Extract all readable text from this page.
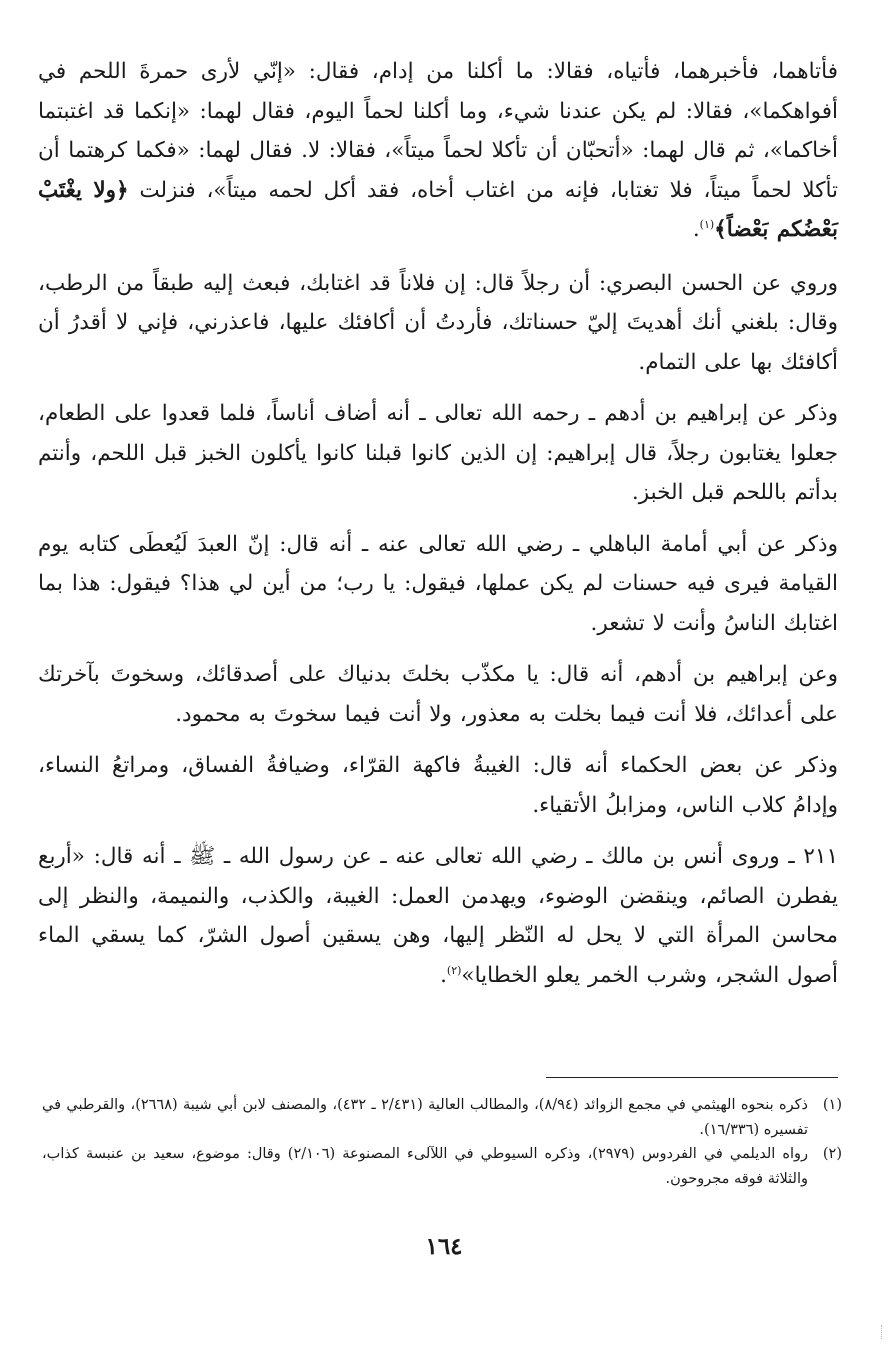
فأتاهما، فأخبرهما، فأتياه، فقالا: ما أكلنا من إدام، فقال: «إنّي لأرى حمرةَ اللحم في أفواهكما»، فقالا: لم يكن عندنا شيء، وما أكلنا لحماً اليوم، فقال لهما: «إنكما قد اغتبتما أخاكما»، ثم قال لهما: «أتحبّان أن تأكلا لحماً ميتاً»، فقالا: لا. فقال لهما: «فكما كرهتما أن تأكلا لحماً ميتاً، فلا تغتابا، فإنه من اغتاب أخاه، فقد أكل لحمه ميتاً»، فنزلت ﴿ولا يغْتَبْ بَعْضُكم بَعْضاً﴾$^{(١)}$.

وروي عن الحسن البصري: أن رجلاً قال: إن فلاناً قد اغتابك، فبعث إليه طبقاً من الرطب، وقال: بلغني أنك أهديتَ إليّ حسناتك، فأردتُ أن أكافئك عليها، فاعذرني، فإني لا أقدرُ أن أكافئك بها على التمام.

وذكر عن إبراهيم بن أدهم ـ رحمه الله تعالى ـ أنه أضاف أناساً، فلما قعدوا على الطعام، جعلوا يغتابون رجلاً، قال إبراهيم: إن الذين كانوا قبلنا كانوا يأكلون الخبز قبل اللحم، وأنتم بدأتم باللحم قبل الخبز.

وذكر عن أبي أمامة الباهلي ـ رضي الله تعالى عنه ـ أنه قال: إنّ العبدَ لَيُعطَى كتابه يوم القيامة فيرى فيه حسنات لم يكن عملها، فيقول: يا رب؛ من أين لي هذا؟ فيقول: هذا بما اغتابك الناسُ وأنت لا تشعر.

وعن إبراهيم بن أدهم، أنه قال: يا مكذّب بخلتَ بدنياك على أصدقائك، وسخوتَ بآخرتك على أعدائك، فلا أنت فيما بخلت به معذور، ولا أنت فيما سخوتَ به محمود.

وذكر عن بعض الحكماء أنه قال: الغيبةُ فاكهة القرّاء، وضيافةُ الفساق، ومراتعُ النساء، وإدامُ كلاب الناس، ومزابلُ الأتقياء.

٢١١ ـ وروى أنس بن مالك ـ رضي الله تعالى عنه ـ عن رسول الله ـ ﷺ ـ أنه قال: «أربع يفطرن الصائم، وينقضن الوضوء، ويهدمن العمل: الغيبة، والكذب، والنميمة، والنظر إلى محاسن المرأة التي لا يحل له النّظر إليها، وهن يسقين أصول الشرّ، كما يسقي الماء أصول الشجر، وشرب الخمر يعلو الخطايا»$^{(٢)}$.

(١)
ذكره بنحوه الهيثمي في مجمع الزوائد (٨/٩٤)، والمطالب العالية (٢/٤٣١ ـ ٤٣٢)، والمصنف لابن أبي شيبة (٢٦٦٨)، والقرطبي في تفسيره (١٦/٣٣٦).
(٢)
رواه الديلمي في الفردوس (٢٩٧٩)، وذكره السيوطي في اللآلىء المصنوعة (٢/١٠٦) وقال: موضوع، سعيد بن عنبسة كذاب، والثلاثة فوقه مجروحون.
١٦٤
